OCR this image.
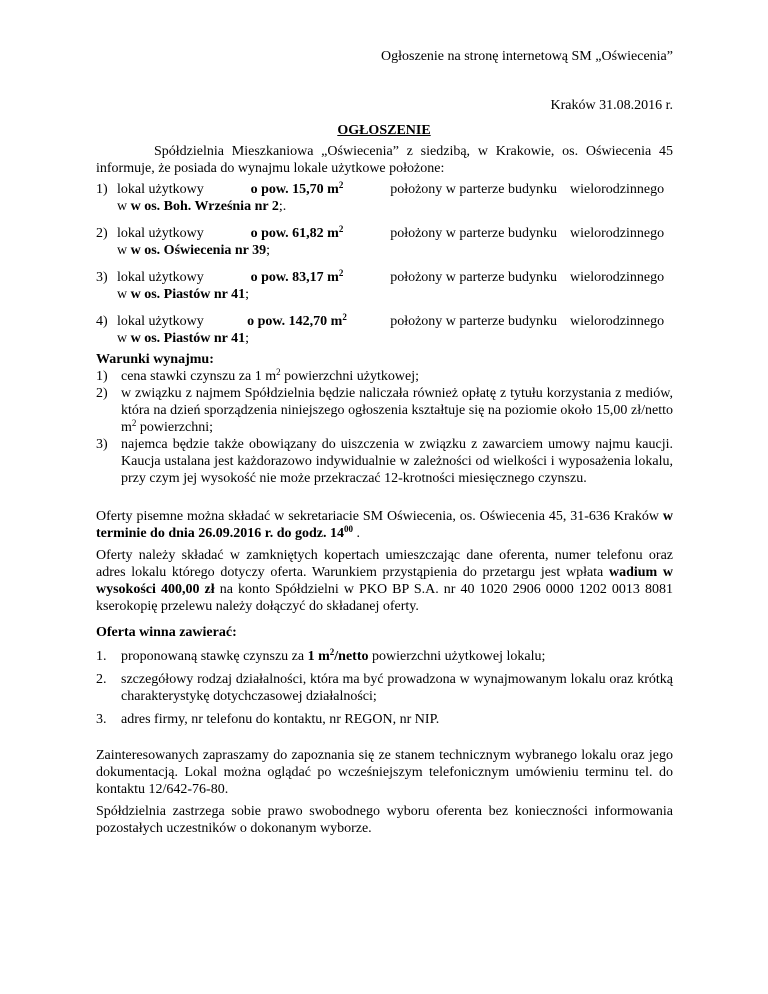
Ogłoszenie na stronę internetową SM „Oświecenia”
Kraków 31.08.2016 r.
OGŁOSZENIE
Spółdzielnia Mieszkaniowa „Oświecenia” z siedzibą, w Krakowie, os. Oświecenia 45 informuje, że posiada do wynajmu lokale użytkowe położone:
1) lokal użytkowy	o pow. 15,70 $m^2$	położony w parterze budynku wielorodzinnego
w w os. Boh. Września nr 2;.
2) lokal użytkowy	o pow. 61,82 $m^2$	położony w parterze budynku wielorodzinnego
w w os. Oświecenia nr 39;
3) lokal użytkowy	o pow. 83,17 $m^2$	położony w parterze budynku wielorodzinnego
w w os. Piastów nr 41;
4) lokal użytkowy	o pow. 142,70 $m^2$	położony w parterze budynku wielorodzinnego
w w os. Piastów nr 41;
Warunki wynajmu:
1) cena stawki czynszu za 1 $m^2$ powierzchni użytkowej;
2) w związku z najmem Spółdzielnia będzie naliczała również opłatę z tytułu korzystania z mediów, która na dzień sporządzenia niniejszego ogłoszenia kształtuje się na poziomie około 15,00 zł/netto $m^2$ powierzchni;
3) najemca będzie także obowiązany do uiszczenia w związku z zawarciem umowy najmu kaucji. Kaucja ustalana jest każdorazowo indywidualnie w zależności od wielkości i wyposażenia lokalu, przy czym jej wysokość nie może przekraczać 12-krotności miesięcznego czynszu.
Oferty pisemne można składać w sekretariacie SM Oświecenia, os. Oświecenia 45, 31-636 Kraków w terminie do dnia 26.09.2016 r. do godz. $14^{00}$ .
Oferty należy składać w zamkniętych kopertach umieszczając dane oferenta, numer telefonu oraz adres lokalu którego dotyczy oferta. Warunkiem przystąpienia do przetargu jest wpłata wadium w wysokości 400,00 zł na konto Spółdzielni w PKO BP S.A. nr 40 1020 2906 0000 1202 0013 8081 kserokopię przelewu należy dołączyć do składanej oferty.
Oferta winna zawierać:
1. proponowaną stawkę czynszu za 1 $m^2$/netto powierzchni użytkowej lokalu;
2. szczegółowy rodzaj działalności, która ma być prowadzona w wynajmowanym lokalu oraz krótką charakterystykę dotychczasowej działalności;
3. adres firmy, nr telefonu do kontaktu, nr REGON, nr NIP.
Zainteresowanych zapraszamy do zapoznania się ze stanem technicznym wybranego lokalu oraz jego dokumentacją. Lokal można oglądać po wcześniejszym telefonicznym umówieniu terminu tel. do kontaktu 12/642-76-80.
Spółdzielnia zastrzega sobie prawo swobodnego wyboru oferenta bez konieczności informowania pozostałych uczestników o dokonanym wyborze.
